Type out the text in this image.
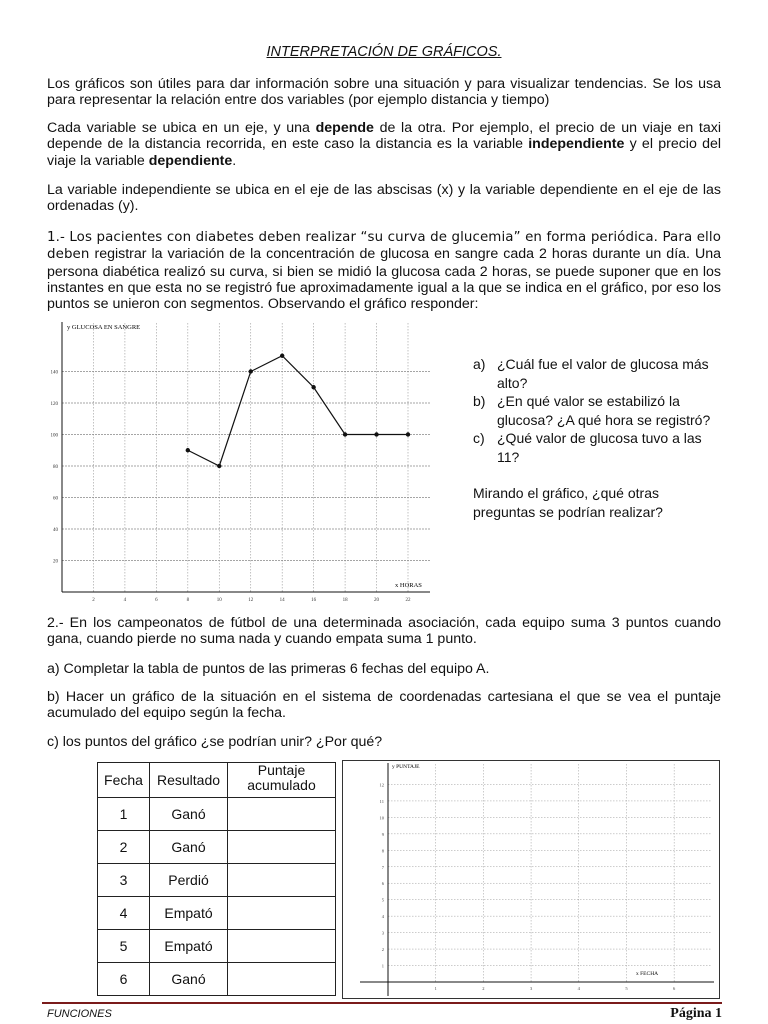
INTERPRETACIÓN DE GRÁFICOS.
Los gráficos son útiles para dar información sobre una situación y para visualizar tendencias. Se los usa para representar la relación entre dos variables (por ejemplo distancia y tiempo)
Cada variable se ubica en un eje, y una depende de la otra. Por ejemplo, el precio de un viaje en taxi depende de la distancia recorrida, en este caso la distancia es la variable independiente y el precio del viaje la variable dependiente.
La variable independiente se ubica en el eje de las abscisas (x) y la variable dependiente en el eje de las ordenadas (y).
1.- Los pacientes con diabetes deben realizar “su curva de glucemia” en forma periódica. Para ello deben registrar la variación de la concentración de glucosa en sangre cada 2 horas durante un día. Una persona diabética realizó su curva, si bien se midió la glucosa cada 2 horas, se puede suponer que en los instantes en que esta no se registró fue aproximadamente igual a la que se indica en el gráfico, por eso los puntos se unieron con segmentos. Observando el gráfico responder:
20
40
60
80
100
120
140
2	4	6	8	10	12	14	16	18	20	22
y GLUCOSA EN SANGRE
x HORAS
a) ¿Cuál fue el valor de glucosa más alto?
b) ¿En qué valor se estabilizó la glucosa? ¿A qué hora se registró?
c) ¿Qué valor de glucosa tuvo a las 11?
Mirando el gráfico, ¿qué otras preguntas se podrían realizar?
2.- En los campeonatos de fútbol de una determinada asociación, cada equipo suma 3 puntos cuando gana, cuando pierde no suma nada y cuando empata suma 1 punto.
a) Completar la tabla de puntos de las primeras 6 fechas del equipo A.
b) Hacer un gráfico de la situación en el sistema de coordenadas cartesiana el que se vea el puntaje acumulado del equipo según la fecha.
c) los puntos del gráfico ¿se podrían unir? ¿Por qué?
Fecha	Resultado	Puntaje acumulado
1	Ganó	
2	Ganó	
3	Perdió	
4	Empató	
5	Empató	
6	Ganó	
1
2
3
4
5
6
7
8
9
10
11
12
1	2	3	4	5	6
y PUNTAJE
x FECHA
FUNCIONES	Página 1
